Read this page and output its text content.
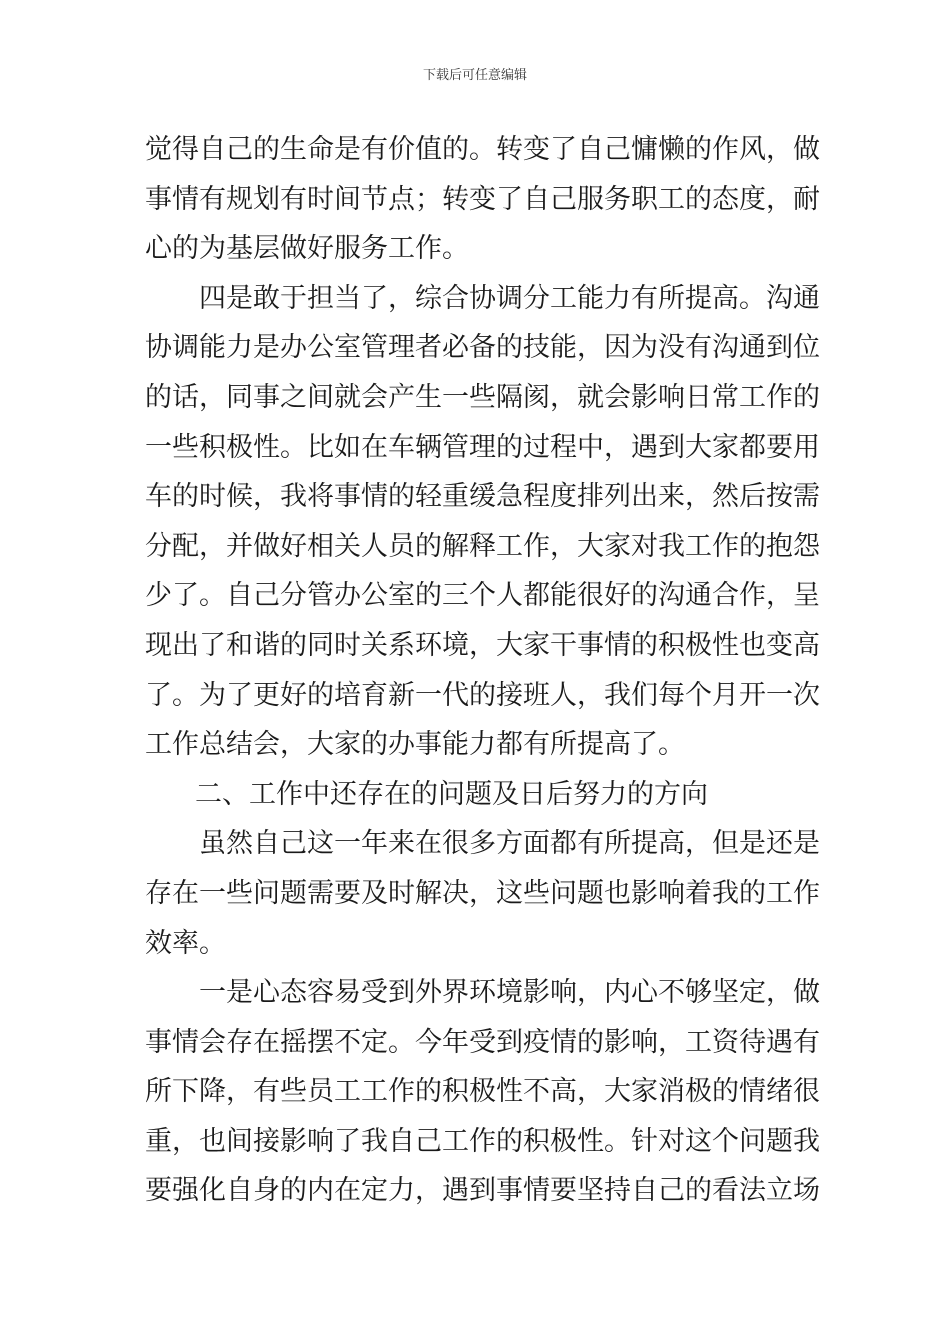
下载后可任意编辑
觉得自己的生命是有价值的。转变了自己慵懒的作风，做
事情有规划有时间节点；转变了自己服务职工的态度，耐
心的为基层做好服务工作。
四是敢于担当了，综合协调分工能力有所提高。沟通
协调能力是办公室管理者必备的技能，因为没有沟通到位
的话，同事之间就会产生一些隔阂，就会影响日常工作的
一些积极性。比如在车辆管理的过程中，遇到大家都要用
车的时候，我将事情的轻重缓急程度排列出来，然后按需
分配，并做好相关人员的解释工作，大家对我工作的抱怨
少了。自己分管办公室的三个人都能很好的沟通合作，呈
现出了和谐的同时关系环境，大家干事情的积极性也变高
了。为了更好的培育新一代的接班人，我们每个月开一次
工作总结会，大家的办事能力都有所提高了。
二、工作中还存在的问题及日后努力的方向
虽然自己这一年来在很多方面都有所提高，但是还是
存在一些问题需要及时解决，这些问题也影响着我的工作
效率。
一是心态容易受到外界环境影响，内心不够坚定，做
事情会存在摇摆不定。今年受到疫情的影响，工资待遇有
所下降，有些员工工作的积极性不高，大家消极的情绪很
重，也间接影响了我自己工作的积极性。针对这个问题我
要强化自身的内在定力，遇到事情要坚持自己的看法立场
